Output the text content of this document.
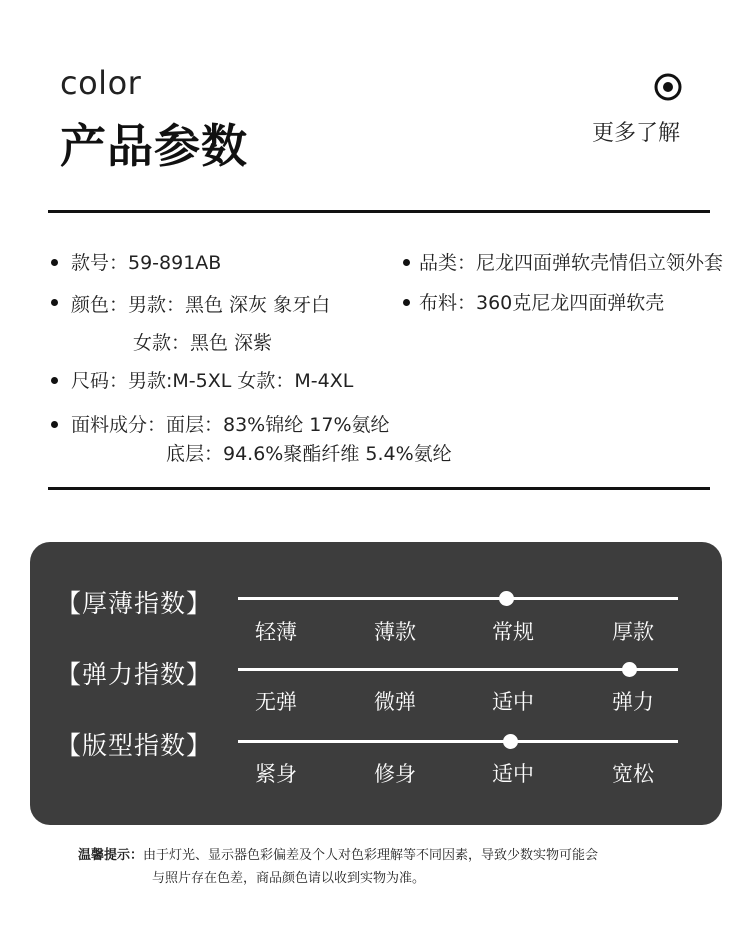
color
产品参数	更多了解
款号：59-891AB	品类：尼龙四面弹软壳情侣立领外套
颜色：男款：黑色 深灰 象牙白	布料：360克尼龙四面弹软壳
女款：黑色 深紫
尺码：男款:M-5XL 女款：M-4XL
面料成分：面层：83%锦纶 17%氨纶
底层：94.6%聚酯纤维 5.4%氨纶
【厚薄指数】
轻薄	薄款	常规	厚款
【弹力指数】
无弹	微弹	适中	弹力
【版型指数】
紧身	修身	适中	宽松
温馨提示：由于灯光、显示器色彩偏差及个人对色彩理解等不同因素，导致少数实物可能会
与照片存在色差，商品颜色请以收到实物为准。
